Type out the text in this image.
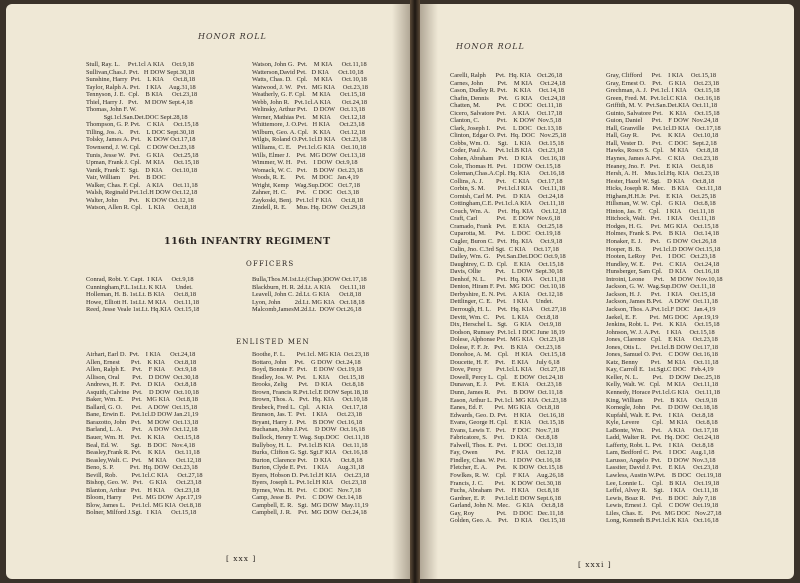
HONOR ROLL
Stull, Ray. L.     Pvt.1cl A KIA     Oct.9,18
Sullivan,Chas.J. Pvt.   H DOW Sept.30,18
Sunshine, Harry  Pvt.    L KIA      Oct.8,18
Taylor, Ralph A. Pvt.    I KIA     Aug.31,18
Tennyson, J. E.  Cpl.    B KIA      Oct.23,18
Thiel, Harry J.   Pvt.    M DOW Sept.4,18
Thomas, John F. W.
Sgt.1cl.San.Det.DOC Sept.28,18
Thompson, G. P. Pvt.    C KIA      Oct.15,18
Tilling, Jos. A.    Pvt.    L DOC Sept.30,18
Tolsky, James A. Pvt.    K DOW Oct.17,18
Townsend, J. W. Cpl.    C DOW Oct.23,18
Tunis, Jesse W.   Pvt.    G KIA      Oct.25,18
Upman, Frank J. Cpl.   M KIA      Oct.15,18
Vanik, Frank T.  Sgt.    D KIA      Oct.10,18
Vair, William      Pvt.    B DOC
Walker, Chas. F. Cpl.    A KIA      Oct.11,18
Walsh, Reginald Pvt.1cl.H DOW Oct.12,18
Walter, John       Pvt.    K DOW Oct.12,18
Watson, Allen R. Cpl.    L KIA      Oct.8,18
Watson, John G.  Pvt.    M KIA      Oct.11,18
Watterson,David Pvt.   D KIA      Oct.10,18
Watts, Chas. D.   Cpl.    M KIA      Oct.10,18
Watwood, J. W.   Pvt.   MG KIA     Oct.23,18
Weatherly, G. F. Cpl.    M KIA      Oct.15,18
Webb, John R.   Pvt.1cl.A KIA       Oct.24,18
Welinsky, Arthur Pvt.    D DOW   Oct.13,18
Werner, Mathias Pvt.    M KIA      Oct.12,18
Whittemore, J. O.Pvt.   H KIA      Oct.23,18
Wilburn, Geo. A. Cpl.   K KIA      Oct.12,18
Wilgis, Roland O.Pvt.1cl.D KIA    Oct.23,18
Williams, C. E.    Pvt.1cl.G KIA    Oct.10,18
Wills, Elmer J.    Pvt.  MG DOW  Oct.13,18
Wimmer, W. H.   Pvt.    I DOW  Oct.9,18
Womack, W. C.   Pvt.    B DOW  Oct.23,18
Woods, R. E.      Pvt.    M DOC   Jan.4,19
Wright, Kemp    Wag.Sup.DOC   Oct.7,18
Zahner, H. C.      Pvt.    C DOC   Oct.3,18
Zaykoski, Benj.  Pvt.1cl F KIA      Oct.8,18
Zindell, R. E.      Mus. Hq. DOW  Oct.29,18
116th INFANTRY REGIMENT
OFFICERS
Conrad, Robt. Y. Capt.  I KIA      Oct.9,18
Cunningham,F.L.1st.Lt. K KIA      Undet.
Holleman, H. B. 1st.Lt. B KIA      Oct.8,18
Howe, Elliott H. 1st.Lt. M KIA     Oct.11,18
Reed, Jesse Veale 1st.Lt. Hq.KIA  Oct.15,18
Bulla,Thos.M.1st.Lt.(Chap.)DOW Oct.17,18
Blackburn, H. R. 2d.Lt. A KIA      Oct.11,18
Leavell, John C. 2d.Lt. G KIA      Oct.8,18
Lyon, John         2d.Lt. MG KIA   Oct.18,18
Malcomb,JamesM.2d.Lt.  DOW Oct.26,18
ENLISTED MEN
Airhart, Earl D.  Pvt.    I KIA      Oct.24,18
Allen, Ernest       Pvt.    K KIA      Oct.8,18
Allen, Ralph E.    Pvt.    F KIA      Oct.9,18
Allison, Oral        Pvt.    D DOW  Oct.30,18
Andrews, H. F.    Pvt.    D KIA      Oct.8,18
Asquith, Calvine  Pvt.    D DOW  Oct.10,18
Baker, Wm. E.     Pvt.   MG KIA    Oct.8,18
Ballard, G. O.      Pvt.    A DOW  Oct.15,18
Bane, Erwin E.    Pvt.1cl.D DOW Jan.21,19
Barazotto, John   Pvt.    M DOW  Oct.13,18
Barland, L. A.      Pvt.    A DOW  Oct.12,18
Bauer, Wm. H.    Pvt.    K KIA      Oct.15,18
Beal, Ed. W.        Sgt.    B DOC   Nov.4,18
Beasley,Frank R. Pvt.    K KIA      Oct.11,18
Beasley,Walt. C.  Pvt.    M KIA      Oct.12,18
Beno, S. P.          Pvt.  Hq. DOW  Oct.23,18
Bevill, Rob.         Pvt.1cl.C KIA      Oct.27,18
Bishop, Geo. W.   Pvt.    G KIA      Oct.23,18
Blanton, Arthur   Pvt.    H KIA      Oct.23,18
Bloom, Harry       Pvt.  MG DOW  Apr.17,19
Blow, James L.    Pvt.1cl. MG KIA  Oct.8,18
Bolner, Milford J.Sgt.   I KIA      Oct.15,18
Boothe, F. L.       Pvt.1cl. MG KIA  Oct.23,18
Bottaro, John     Pvt.    G DOW  Oct.24,18
Boyd, Bonnie F.  Pvt.    E DOW  Oct.19,18
Bradley, Jos. W.  Pvt.    L KIA      Oct.15,18
Brooks, Zelig       Pvt.    D KIA      Oct.8,18
Brown, Francis R.Pvt.1cl.E DOW Sept.18,18
Brown, Thos. A.   Pvt.  Hq. KIA     Oct.10,18
Brubeck, Fred L.  Cpl.    A KIA      Oct.17,18
Brunson, Jas. T.  Pvt.    I KIA      Oct.23,18
Bryant, Harry J.  Pvt.    B DOW  Oct.16,18
Buchanan, John J.Pvt.    D DOW  Oct.16,18
Bullock, Henry T. Wag. Sup.DOC   Oct.11,18
Bullyboy, H. L.    Pvt.1cl.B KIA     Oct.11,18
Burks, Clifton G. Sgt. Sgt.F KIA    Oct.16,18
Burton, Clarence Pvt.    D KIA      Oct.8,18
Burton, Clyde E. Pvt.    I KIA      Aug.31,18
Byers, Hobson D. Pvt.1cl.H KIA     Oct.23,18
Byers, Joseph L. Pvt.1cl.H KIA     Oct.23,18
Byrnes, Wm. H.  Pvt.    C DOC   Nov.7,18
Camp, Jesse B.   Pvt.    C DOW  Oct.14,18
Campbell, E. R.   Sgt.  MG DOW  May.11,19
Campbell, J. R.    Pvt.  MG DOW  Oct.24,18
[ xxx ]
HONOR ROLL
Carelli, Ralph      Pvt.  Hq. KIA    Oct.26,18
Carnes, John         Pvt.    M KIA     Oct.24,18
Cason, Dudley R. Pvt.    K KIA     Oct.14,18
Chafin, Dennis      Pvt.    G KIA     Oct.24,18
Chatten, M.          Pvt.    C DOC   Oct.11,18
Cicero, Salvatore Pvt.    A KIA     Oct.17,18
Clanton, C.           Pvt.    K DOW  Nov.5,18
Clark, Joseph I.    Pvt.    L DOC   Oct.13,18
Clinton, Edgar O. Pvt.  Hq. DOC   Nov.25,18
Cobbs, Wm. O.     Sgt.    L KIA     Oct.15,18
Coder, Paul A.     Pvt.1cl.B KIA    Oct.23,18
Cohen, Abraham   Pvt.    D KIA     Oct.16,18
Cole, Thomas H.  Pvt.    I DOW  Oct.15,18
Coleman,Chas.A.Cpl. Hq. KIA      Oct.16,18
Collins, A. J.        Pvt.    C KIA     Oct.17,18
Corbin, S. M.        Pvt.1cl.I KIA     Oct.11,18
Cornish, Carl M.  Pvt.    D KIA     Oct.24,18
Cottingham,C.E. Pvt.1cl.A KIA     Oct.11,18
Couch, Wm. A.     Pvt.  Hq. KIA     Oct.12,18
Craft, Carl            Pvt.    E DOW  Nov.6,18
Cramado, Frank   Pvt.    E KIA     Oct.25,18
Cuparotta, M.      Pvt.    L DOC   Oct.19,18
Cugler, Buron C.  Pvt.  Hq. KIA     Oct.9,18
Culin, Jno. C.3rd Sgt.  C KIA     Oct.17,18
Dailey, Wm. G.    Pvt.San.Det.DOC Oct.9,18
Daughtrey, C. D.  Cpl.    E KIA     Oct.15,18
Davis, Ollie         Pvt.    L DOW  Sept.30,18
Denhof, N. L.       Pvt.  Hq. KIA     Oct.11,18
Denton, Hiram F. Pvt.  MG DOC   Oct.10,18
Derbyshire, E. N. Pvt.    A KIA     Oct.12,18
Dettlinger, C. E.   Pvt.    I KIA     Undet.
Derrough, H. L.    Pvt.  Hq. KIA     Oct.27,18
Devitt, Wm. C.    Pvt.    L KIA     Oct.8,18
Dix, Herschel L.   Sgt.    G KIA     Oct.9,18
Dodson, Rumsey  Pvt.1cl. I DOC June 18,19
Dolese, Alphonse Pvt.  MG KIA    Oct.23,18
Dolese, F. F. Jr.   Pvt.    B KIA     Oct.23,18
Donohoe, A. M.    Cpl.    H KIA     Oct.15,18
Doucette, H. F.    Pvt.    E KIA     July 6,18
Dove, Percy         Pvt.1cl.L KIA     Oct.27,18
Dowell, Percy L.  Cpl.    E DOW  Oct.24,18
Dunavan, E. J.     Pvt.    E KIA     Oct.23,18
Dunn, James R.    Pvt.    B DOW  Oct.11,18
Eason, Arthur L. Pvt.1cl. MG KIA  Oct.23,18
Eanes, Ed. F.       Pvt.  MG KIA    Oct.8,18
Edwards, Geo. D. Pvt.    H KIA     Oct.16,18
Evans, George H. Cpl.    E KIA     Oct.15,18
Evans, Lewis T.   Pvt.    F DOC   Nov.7,18
Fabricatore, S.    Pvt.    D KIA     Oct.8,18
Falwell, Thos. E.  Pvt.    L DOC   Oct.13,18
Fay, Owen           Pvt.    F KIA     Oct.12,18
Findley, Chas. W. Pvt.    I DOW  Oct.16,18
Fletcher, E. A.      Pvt.    K DOW  Oct.15,18
Fowlkes, R. W.    Cpl.    F KIA     Aug.26,18
Francis, J. C.       Pvt.    K DOW  Oct.30,18
Fuchs, Abraham  Pvt.    H KIA     Oct.8,18
Gardner, E. P.      Pvt.1cl.E DOW Sept.6,18
Garland, John N.  Mec.    G KIA     Oct.8,18
Gay, Roy              Pvt.    D DOC   Dec.11,18
Golden, Geo. A.    Pvt.    D KIA     Oct.15,18
Gray, Clifford      Pvt.    I KIA     Oct.15,18
Gray, Ernest O.    Pvt.    G KIA     Oct.23,18
Grechman, A. J.  Pvt.1cl. I KIA     Oct.15,18
Green, Fred. M.  Pvt.1cl.C KIA     Oct.16,18
Griffith, M. V.  Pvt.San.Det.KIA  Oct.11,18
Guinto, Salvatore Pvt.    K KIA     Oct.15,18
Guion, Daniel      Pvt.    F DOW  Nov.24,18
Hall, Granville     Pvt.1cl.D KIA    Oct.17,18
Hall, Guy R.        Pvt.    K KIA     Oct.10,18
Hall, Vester D.     Pvt.    C DOC   Sept.2,18
Hawks, Rosco S.  Cpl.    M KIA     Oct.8,18
Haynes, James A.Pvt.    C KIA     Oct.23,18
Heaney, Jno. F.   Pvt.    E KIA     Oct.8,18
Hersh, A. H.    Mus.1cl.Hq. KIA   Oct.23,18
Hester, Hazel W. Sgt.    D KIA     Oct.8,18
Hicks, Joseph R.  Mec.    B KIA     Oct.11,18
Higham,H.H.Jr.  Pvt.    E KIA     Oct.25,18
Hillsman, W. W.  Cpl.    G KIA     Oct.8,18
Hinton, Jas. F.    Cpl.    I KIA     Oct.11,18
Hitchock, Walt.   Pvt.    I KIA     Oct.11,18
Hodges, H. G.     Pvt.  MG KIA    Oct.15,18
Holmes, Frank S. Pvt.    B KIA     Oct.14,18
Honaker, E. J.     Pvt.    G DOW  Oct.26,18
Hooper, B. B.       Pvt.1cl.D DOW Oct.15,18
Hooten, LeRoy    Pvt.    I DOC   Oct.23,18
Hundley, W. E.     Pvt.    C KIA     Oct.24,18
Hunsberger, Sam Cpl.    D KIA     Oct.16,18
Introini, Leone      Pvt.    M DOW  Nov.10,18
Jackson, G. W.  Wag.Sup.DOW  Oct.11,18
Jackson, H. J.      Pvt.    I KIA     Oct.15,18
Jackson, James B.Pvt.    A DOW  Oct.11,18
Jackson, Thos. A.Pvt.1cl.F DOC   Jan.4,19
Jaekel, E. F.        Pvt.  MG DOC   Apr.19,19
Jenkins, Robt. L.  Pvt.    K KIA     Oct.15,18
Johnson, W. J. A.Pvt.    I KIA     Oct.15,18
Jones, Clarence   Cpl.    E KIA     Oct.23,18
Jones, Otis L.      Pvt.1cl.B DOW Oct.17,18
Jones, Samuel O. Pvt.    C DOW  Oct.16,18
Katz, Benny        Pvt.    M KIA     Oct.11,18
Kay, Carroll E.  1st.Sgt.C DOC   Feb.4,19
Keller, N. L.         Pvt.    D DOW  Dec.25,18
Kelly, Walt. W.   Cpl.    M KIA     Oct.11,18
Kennedy, Horace Pvt.1cl.G KIA    Oct.11,18
King, William       Pvt.    B KIA     Oct.9,18
Kornegle, John    Pvt.    D DOW  Oct.18,18
Kupfahl, Walt. E. Pvt.    I KIA     Oct.8,18
Kyle, Levere        Cpl.    M KIA     Oct.8,18
LaBonte, Wm.     Pvt.    A KIA     Oct.17,18
Ladd, Walter R.   Pvt.  Hq. DOC   Oct.24,18
Lafferty, Robt. L. Pvt.    I KIA     Oct.8,18
Lam, Bedford C.  Pvt.    I DOC   Aug.1,18
Larusso, Angelo  Pvt.    D DOW  Nov.3,18
Lassiter, David J. Pvt.    E KIA     Oct.23,18
Lawless, Austin W.Pvt.    B DOC   Oct.19,18
Lee, Lonnie L.     Cpl.    B KIA     Oct.19,18
Leffel, Alvey R.    Sgt.    I KIA     Oct.11,18
Lewis, Boaz R.    Pvt.    B DOC   July 7,18
Lewis, Ernest J.   Cpl.    C DOW  Oct.19,18
Liles, Chas. E.     Pvt.  MG DOC   Nov.27,18
Long, Kenneth B.Pvt.1cl.K KIA   Oct.16,18
[ xxxi ]
